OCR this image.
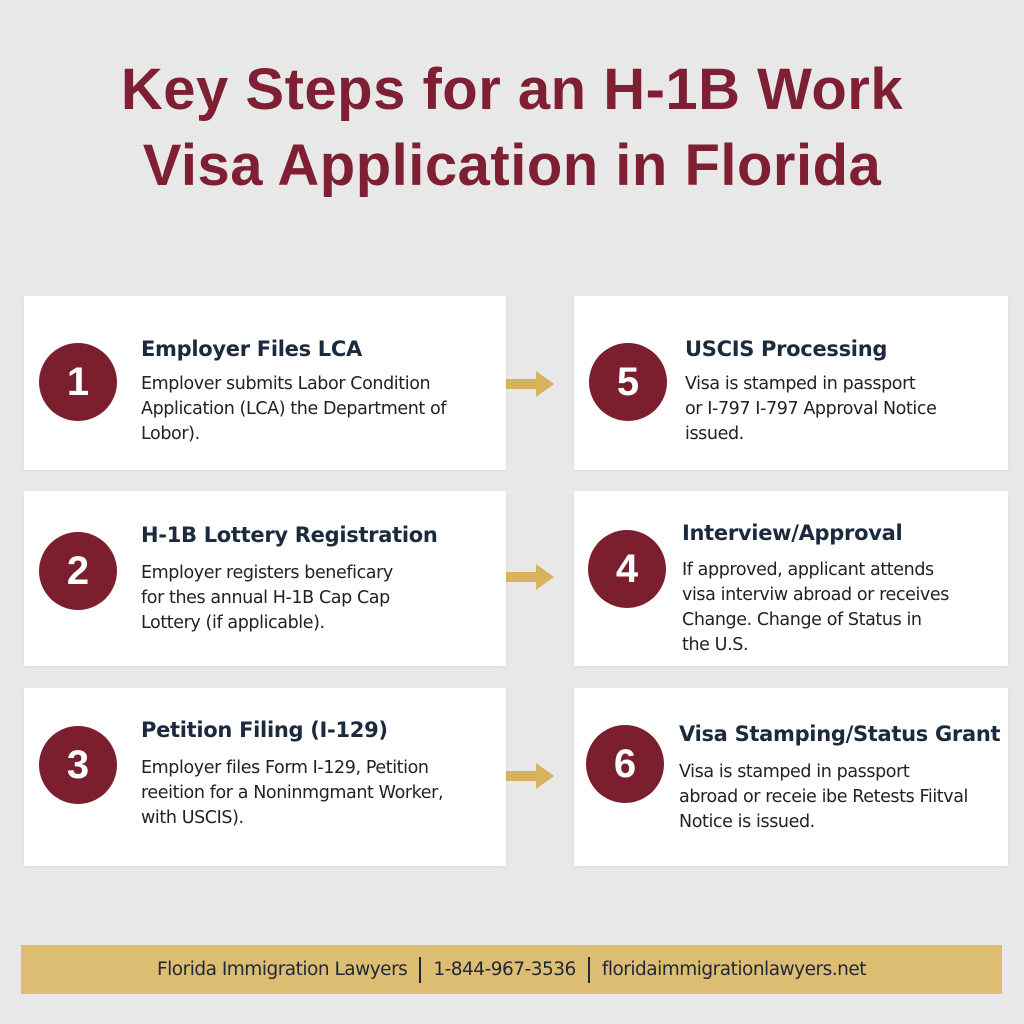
Key Steps for an H-1B Work
Visa Application in Florida
1
Employer Files LCA
Emplover submits Labor Condition
Application (LCA) the Department of
Lobor).
5
USCIS Processing
Visa is stamped in passport
or I-797 I-797 Approval Notice
issued.
2
H-1B Lottery Registration
Employer registers beneficary
for thes annual H-1B Cap Cap
Lottery (if applicable).
4
Interview/Approval
If approved, applicant attends
visa interviw abroad or receives
Change. Change of Status in
the U.S.
3
Petition Filing (I-129)
Employer files Form I-129, Petition
reeition for a Noninmgmant Worker,
with USCIS).
6
Visa Stamping/Status Grant
Visa is stamped in passport
abroad or receie ibe Retests Fiitval
Notice is issued.
Florida Immigration Lawyers 1-844-967-3536 floridaimmigrationlawyers.net
